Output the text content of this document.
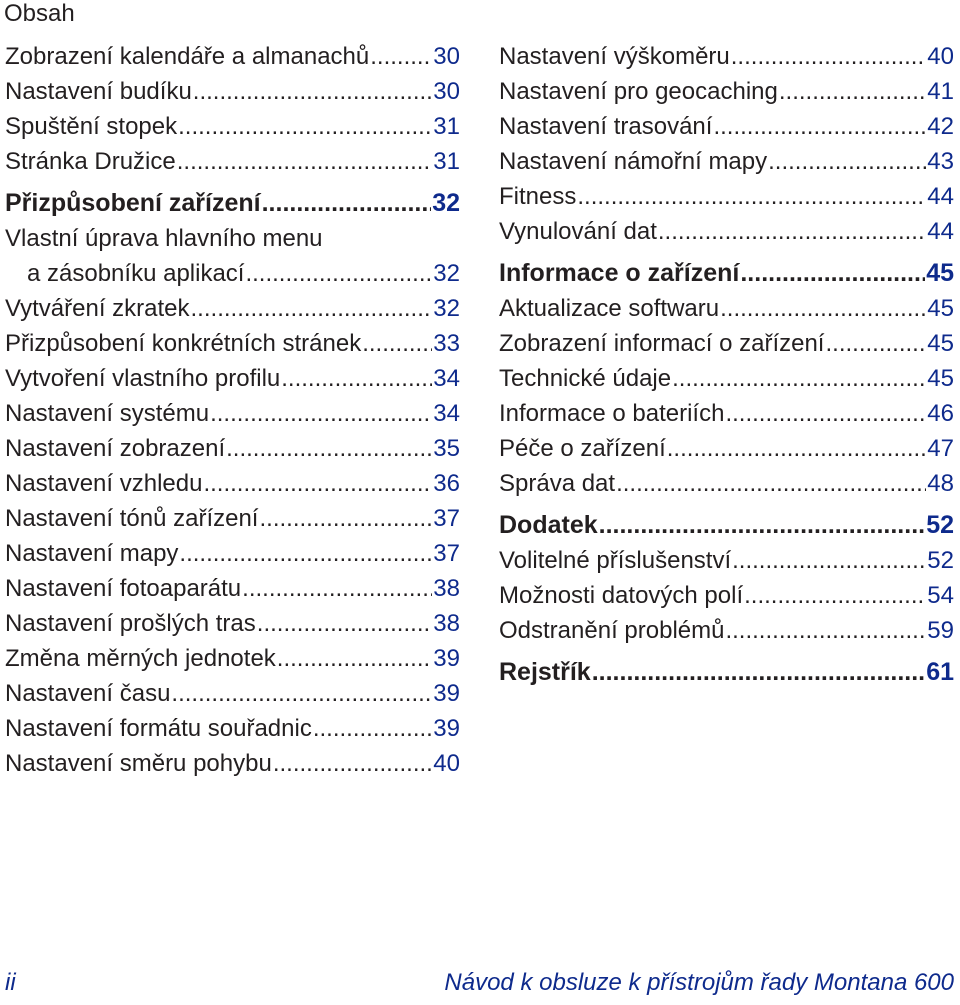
Obsah
Zobrazení kalendáře a almanachů .....	30
Nastavení budíku .....	30
Spuštění stopek .....	31
Stránka Družice .....	31
Přizpůsobení zařízení .....	32
Vlastní úprava hlavního menu
a zásobníku aplikací .....	32
Vytváření zkratek .....	32
Přizpůsobení konkrétních stránek .....	33
Vytvoření vlastního profilu .....	34
Nastavení systému .....	34
Nastavení zobrazení .....	35
Nastavení vzhledu .....	36
Nastavení tónů zařízení .....	37
Nastavení mapy .....	37
Nastavení fotoaparátu .....	38
Nastavení prošlých tras .....	38
Změna měrných jednotek .....	39
Nastavení času .....	39
Nastavení formátu souřadnic .....	39
Nastavení směru pohybu .....	40
Nastavení výškoměru .....	40
Nastavení pro geocaching .....	41
Nastavení trasování .....	42
Nastavení námořní mapy .....	43
Fitness .....	44
Vynulování dat .....	44
Informace o zařízení .....	45
Aktualizace softwaru .....	45
Zobrazení informací o zařízení .....	45
Technické údaje .....	45
Informace o bateriích .....	46
Péče o zařízení .....	47
Správa dat .....	48
Dodatek .....	52
Volitelné příslušenství .....	52
Možnosti datových polí .....	54
Odstranění problémů .....	59
Rejstřík .....	61
ii	Návod k obsluze k přístrojům řady Montana 600
